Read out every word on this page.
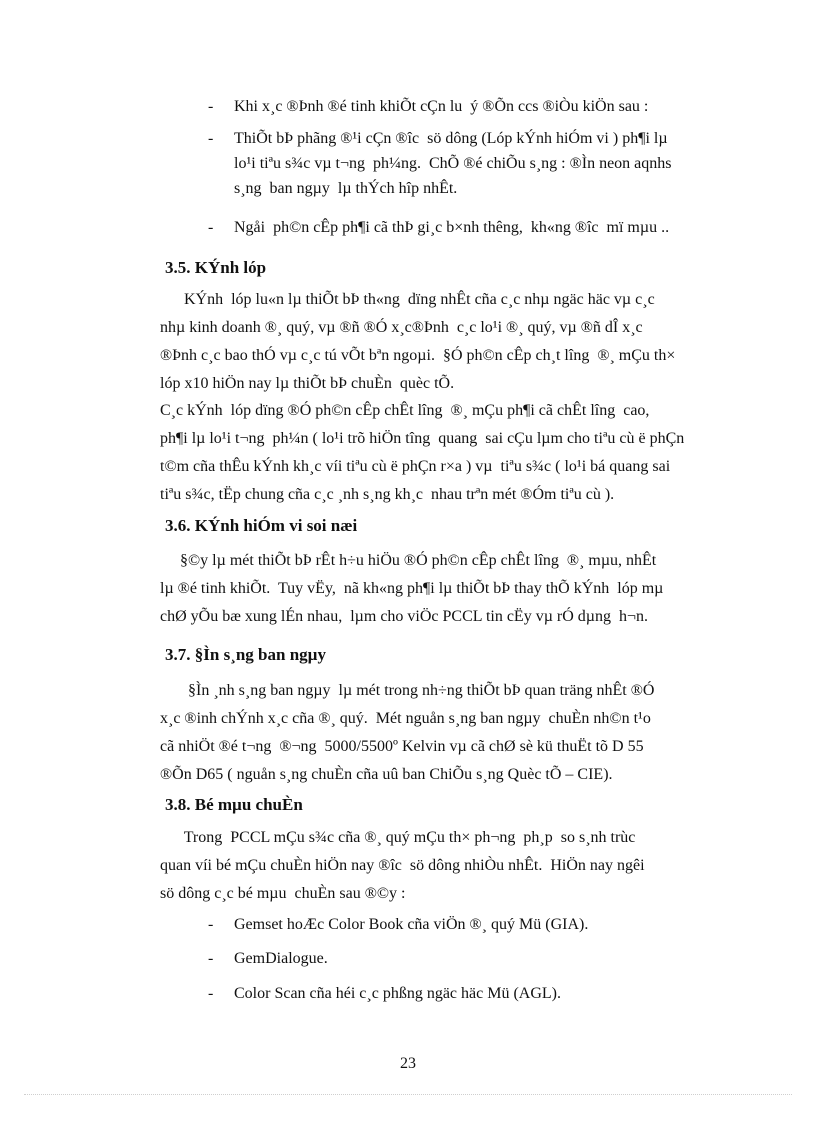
- Khi x¸c ®Þnh ®é tinh khiÕt cÇn lu  ý ®Õn ccs ®iÒu kiÖn sau :
- ThiÕt bÞ phãng ®¹i cÇn ®îc  sö dông (Lóp kÝnh hiÓm vi ) ph¶i lµ
lo¹i tiªu s¾c vµ t¬ng  ph¼ng.  ChÕ ®é chiÕu s¸ng : ®Ìn neon aqnhs
s¸ng  ban ngµy  lµ thÝch hîp nhÊt.
- Ngåi  ph©n cÊp ph¶i cã thÞ gi¸c b×nh thêng,  kh«ng ®îc  mï mµu ..
3.5. KÝnh lóp
KÝnh  lóp lu«n lµ thiÕt bÞ th«ng  dïng nhÊt cña c¸c nhµ ngäc häc vµ c¸c
nhµ kinh doanh ®¸ quý, vµ ®ñ ®Ó x¸c®Þnh  c¸c lo¹i ®¸ quý, vµ ®ñ dÎ x¸c
®Þnh c¸c bao thÓ vµ c¸c tú vÕt bªn ngoµi.  §Ó ph©n cÊp ch¸t lîng  ®¸ mÇu th×
lóp x10 hiÖn nay lµ thiÕt bÞ chuÈn  quèc tÕ.
C¸c kÝnh  lóp dïng ®Ó ph©n cÊp chÊt lîng  ®¸ mÇu ph¶i cã chÊt lîng  cao,
ph¶i lµ lo¹i t¬ng  ph¼n ( lo¹i trõ hiÖn tîng  quang  sai cÇu lµm cho tiªu cù ë phÇn
t©m cña thÊu kÝnh kh¸c víi tiªu cù ë phÇn r×a ) vµ  tiªu s¾c ( lo¹i bá quang sai
tiªu s¾c, tËp chung cña c¸c ¸nh s¸ng kh¸c  nhau trªn mét ®Óm tiªu cù ).
3.6. KÝnh hiÓm vi soi næi
§©y lµ mét thiÕt bÞ rÊt h÷u hiÖu ®Ó ph©n cÊp chÊt lîng  ®¸ mµu, nhÊt
lµ ®é tinh khiÕt.  Tuy vËy,  nã kh«ng ph¶i lµ thiÕt bÞ thay thÕ kÝnh  lóp mµ
chØ yÕu bæ xung lÉn nhau,  lµm cho viÖc PCCL tin cËy vµ rÓ dµng  h¬n.
3.7. §Ìn s¸ng ban ngµy
§Ìn ¸nh s¸ng ban ngµy  lµ mét trong nh÷ng thiÕt bÞ quan träng nhÊt ®Ó
x¸c ®inh chÝnh x¸c cña ®¸ quý.  Mét nguån s¸ng ban ngµy  chuÈn nh©n t¹o
cã nhiÖt ®é t¬ng  ®¬ng  5000/5500º Kelvin vµ cã chØ sè kü thuËt tõ D 55
®Õn D65 ( nguån s¸ng chuÈn cña uû ban ChiÕu s¸ng Quèc tÕ – CIE).
3.8. Bé mµu chuÈn
Trong  PCCL mÇu s¾c cña ®¸ quý mÇu th× ph¬ng  ph¸p  so s¸nh trùc
quan víi bé mÇu chuÈn hiÖn nay ®îc  sö dông nhiÒu nhÊt.  HiÖn nay ngêi
sö dông c¸c bé mµu  chuÈn sau ®©y :
- Gemset hoÆc Color Book cña viÖn ®¸ quý Mü (GIA).
- GemDialogue.
- Color Scan cña héi c¸c phßng ngäc häc Mü (AGL).
23
